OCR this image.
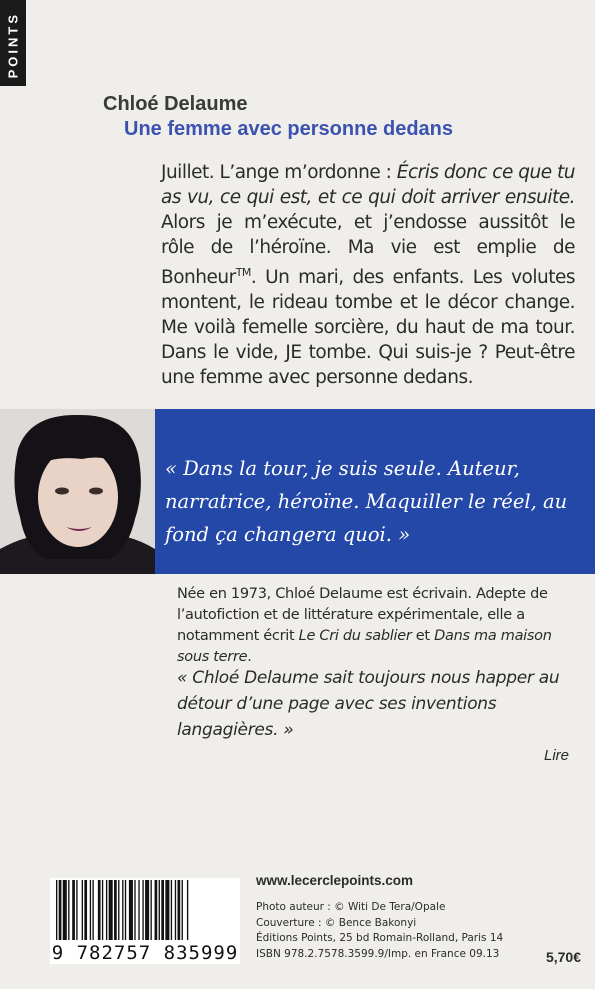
POINTS
Chloé Delaume
Une femme avec personne dedans

Juillet. L’ange m’ordonne : Écris donc ce que tu as vu, ce qui est, et ce qui doit arriver ensuite. Alors je m’exécute, et j’endosse aussitôt le rôle de l’héroïne. Ma vie est emplie de Bonheur™. Un mari, des enfants. Les volutes montent, le rideau tombe et le décor change. Me voilà femelle sorcière, du haut de ma tour. Dans le vide, JE tombe. Qui suis-je ? Peut-être une femme avec personne dedans.

« Dans la tour, je suis seule. Auteur, narratrice, héroïne. Maquiller le réel, au fond ça changera quoi. »

Née en 1973, Chloé Delaume est écrivain. Adepte de l’autofiction et de littérature expérimentale, elle a notamment écrit Le Cri du sablier et Dans ma maison sous terre.

« Chloé Delaume sait toujours nous happer au détour d’une page avec ses inventions langagières. »
Lire
9 782757 835999
www.lecerclepoints.com
Photo auteur : © Witi De Tera/Opale
Couverture : © Bence Bakonyi
Éditions Points, 25 bd Romain-Rolland, Paris 14
ISBN 978.2.7578.3599.9/Imp. en France 09.13	5,70€
